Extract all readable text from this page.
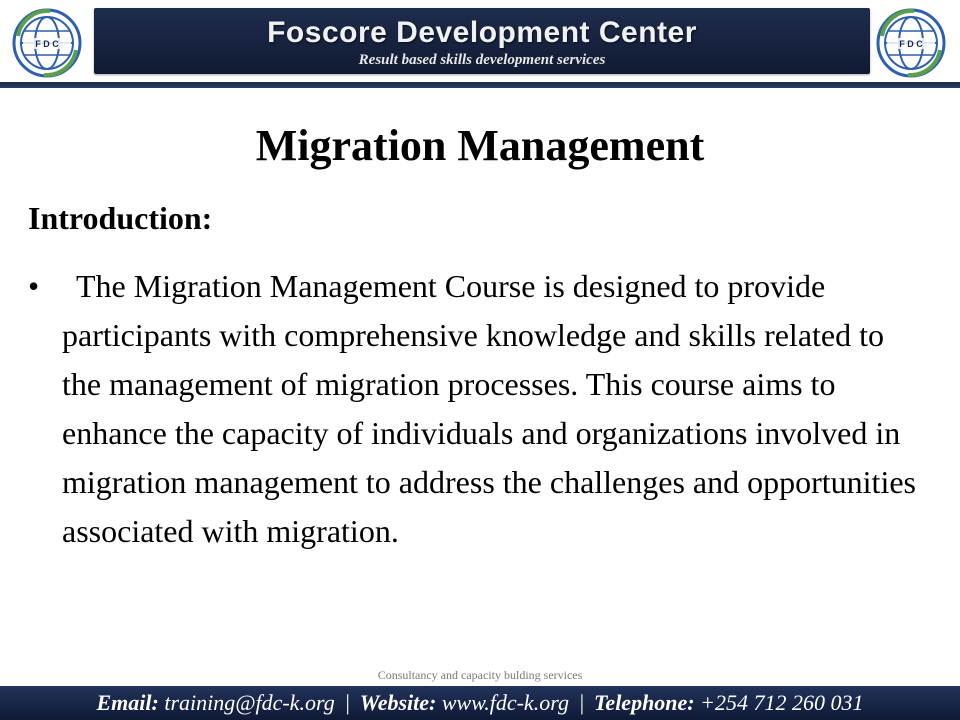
F D C	Foscore Development Center
Result based skills development services
F D C
Migration Management
Introduction:
•	The Migration Management Course is designed to provide participants with comprehensive knowledge and skills related to the management of migration processes. This course aims to enhance the capacity of individuals and organizations involved in migration management to address the challenges and opportunities associated with migration.
Consultancy and capacity bulding services
Email: training@fdc-k.org | Website: www.fdc-k.org | Telephone: +254 712 260 031
